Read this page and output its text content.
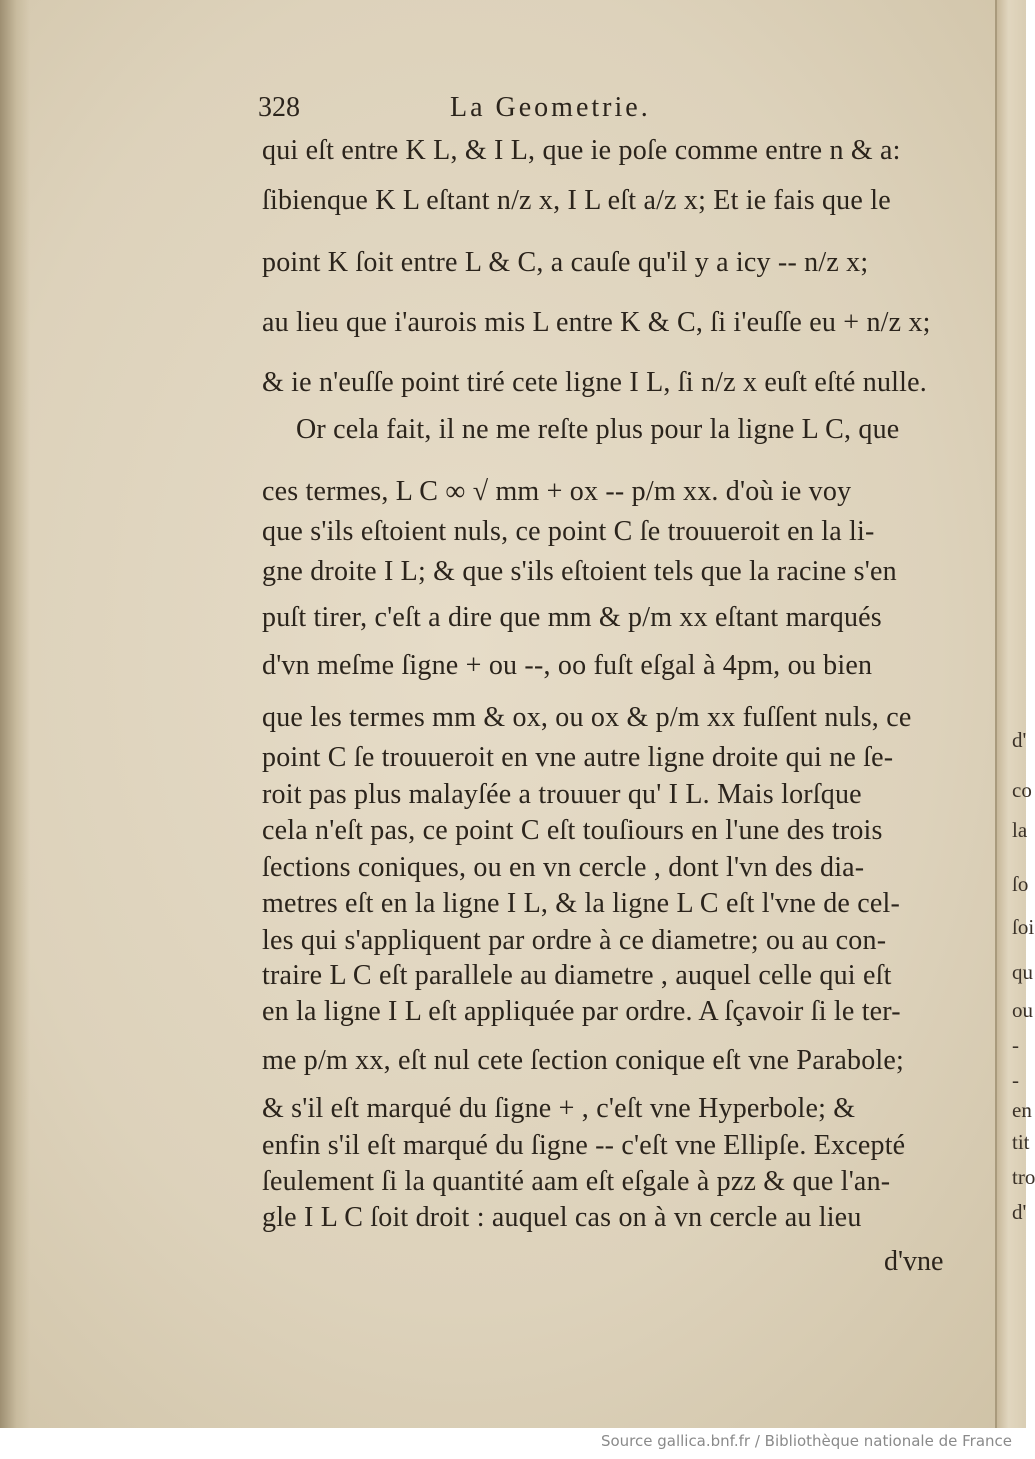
328	La Geometrie.
qui eſt entre K L, & I L, que ie poſe comme entre n & a:
ſibienque K L eſtant n/z x, I L eſt a/z x; Et ie fais que le
point K ſoit entre L & C, a cauſe qu'il y a icy -- n/z x;
au lieu que i'aurois mis L entre K & C, ſi i'euſſe eu + n/z x;
& ie n'euſſe point tiré cete ligne I L, ſi n/z x euſt eſté nulle.
Or cela fait, il ne me reſte plus pour la ligne L C, que
ces termes, L C ∞ √ mm + ox -- p/m xx. d'où ie voy
que s'ils eſtoient nuls, ce point C ſe trouueroit en la li-
gne droite I L; & que s'ils eſtoient tels que la racine s'en
puſt tirer, c'eſt a dire que mm & p/m xx eſtant marqués
d'vn meſme ſigne + ou --, oo fuſt eſgal à 4pm, ou bien
que les termes mm & ox, ou ox & p/m xx fuſſent nuls, ce
point C ſe trouueroit en vne autre ligne droite qui ne ſe-
roit pas plus malayſée a trouuer qu' I L. Mais lorſque
cela n'eſt pas, ce point C eſt touſiours en l'une des trois
ſections coniques, ou en vn cercle , dont l'vn des dia-
metres eſt en la ligne I L, & la ligne L C eſt l'vne de cel-
les qui s'appliquent par ordre à ce diametre; ou au con-
traire L C eſt parallele au diametre , auquel celle qui eſt
en la ligne I L eſt appliquée par ordre. A ſçavoir ſi le ter-
me p/m xx, eſt nul cete ſection conique eſt vne Parabole;
& s'il eſt marqué du ſigne + , c'eſt vne Hyperbole; &
enfin s'il eſt marqué du ſigne -- c'eſt vne Ellipſe. Excepté
ſeulement ſi la quantité aam eſt eſgale à pzz & que l'an-
gle I L C ſoit droit : auquel cas on à vn cercle au lieu
d'vne
d'
co
la
ſo
ſoi
qu
ou
-
-
en
tit
tro
d'
Source gallica.bnf.fr / Bibliothèque nationale de France
